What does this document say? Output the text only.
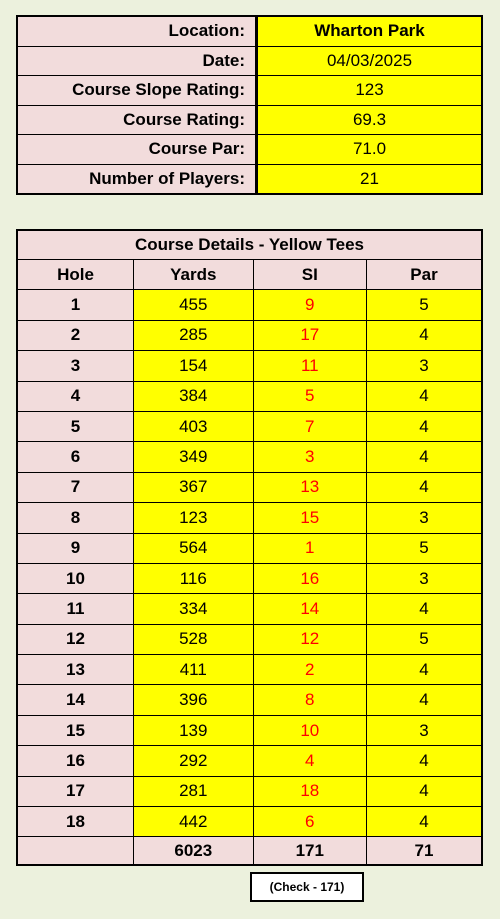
Location:	Wharton Park
Date:	04/03/2025
Course Slope Rating:	123
Course Rating:	69.3
Course Par:	71.0
Number of Players:	21
Course Details - Yellow Tees			
Hole	Yards	SI	Par
1	455	9	5
2	285	17	4
3	154	11	3
4	384	5	4
5	403	7	4
6	349	3	4
7	367	13	4
8	123	15	3
9	564	1	5
10	116	16	3
11	334	14	4
12	528	12	5
13	411	2	4
14	396	8	4
15	139	10	3
16	292	4	4
17	281	18	4
18	442	6	4
	6023	171	71
(Check - 171)
